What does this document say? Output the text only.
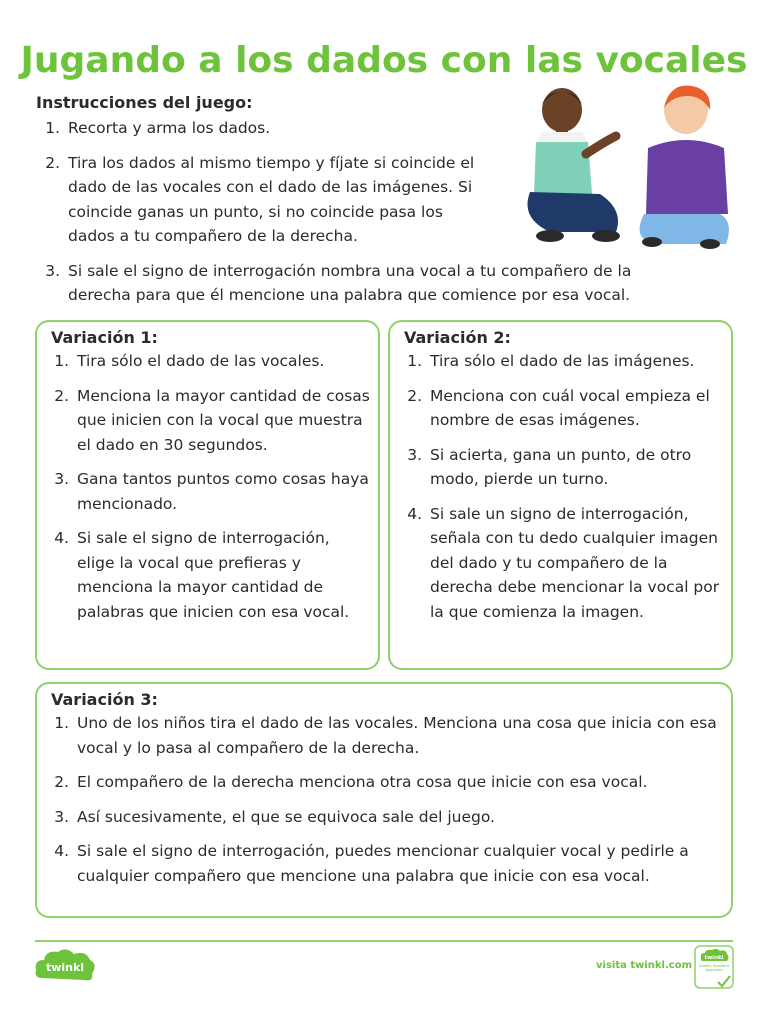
Jugando a los dados con las vocales
Instrucciones del juego:
1. Recorta y arma los dados.
2. Tira los dados al mismo tiempo y fíjate si coincide el dado de las vocales con el dado de las imágenes. Si coincide ganas un punto, si no coincide pasa los dados a tu compañero de la derecha.
3. Si sale el signo de interrogación nombra una vocal a tu compañero de la derecha para que él mencione una palabra que comience por esa vocal.
Variación 1:
1. Tira sólo el dado de las vocales.
2. Menciona la mayor cantidad de cosas que inicien con la vocal que muestra el dado en 30 segundos.
3. Gana tantos puntos como cosas haya mencionado.
4. Si sale el signo de interrogación, elige la vocal que prefieras y menciona la mayor cantidad de palabras que inicien con esa vocal.
Variación 2:
1. Tira sólo el dado de las imágenes.
2. Menciona con cuál vocal empieza el nombre de esas imágenes.
3. Si acierta, gana un punto, de otro modo, pierde un turno.
4. Si sale un signo de interrogación, señala con tu dedo cualquier imagen del dado y tu compañero de la derecha debe mencionar la vocal por la que comienza la imagen.
Variación 3:
1. Uno de los niños tira el dado de las vocales. Menciona una cosa que inicia con esa vocal y lo pasa al compañero de la derecha.
2. El compañero de la derecha menciona otra cosa que inicie con esa vocal.
3. Así sucesivamente, el que se equivoca sale del juego.
4. Si sale el signo de interrogación, puedes mencionar cualquier vocal y pedirle a cualquier compañero que mencione una palabra que inicie con esa vocal.
twinkl	visita twinkl.com
twinkl
Quality Standard Approved
